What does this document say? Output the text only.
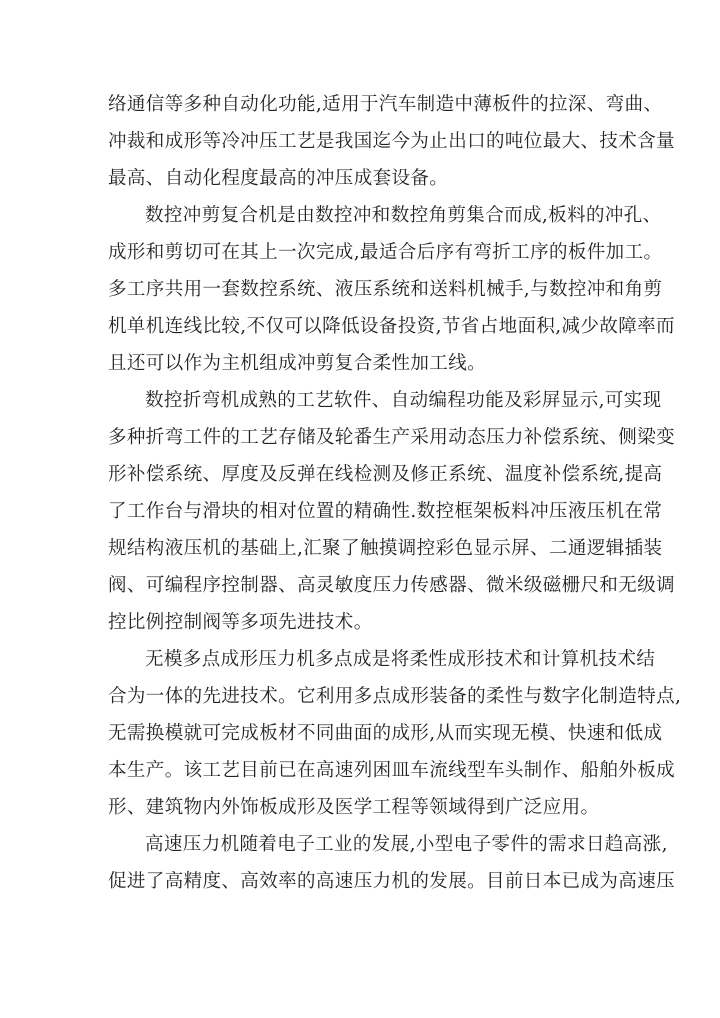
络通信等多种自动化功能,适用于汽车制造中薄板件的拉深、弯曲、
冲裁和成形等冷冲压工艺是我国迄今为止出口的吨位最大、技术含量
最高、自动化程度最高的冲压成套设备。
数控冲剪复合机是由数控冲和数控角剪集合而成,板料的冲孔、
成形和剪切可在其上一次完成,最适合后序有弯折工序的板件加工。
多工序共用一套数控系统、液压系统和送料机械手,与数控冲和角剪
机单机连线比较,不仅可以降低设备投资,节省占地面积,减少故障率而
且还可以作为主机组成冲剪复合柔性加工线。
数控折弯机成熟的工艺软件、自动编程功能及彩屏显示,可实现
多种折弯工件的工艺存储及轮番生产采用动态压力补偿系统、侧梁变
形补偿系统、厚度及反弹在线检测及修正系统、温度补偿系统,提高
了工作台与滑块的相对位置的精确性.数控框架板料冲压液压机在常
规结构液压机的基础上,汇聚了触摸调控彩色显示屏、二通逻辑插装
阀、可编程序控制器、高灵敏度压力传感器、微米级磁栅尺和无级调
控比例控制阀等多项先进技术。
无模多点成形压力机多点成是将柔性成形技术和计算机技术结
合为一体的先进技术。它利用多点成形装备的柔性与数字化制造特点,
无需换模就可完成板材不同曲面的成形,从而实现无模、快速和低成
本生产。该工艺目前已在高速列困皿车流线型车头制作、船舶外板成
形、建筑物内外饰板成形及医学工程等领域得到广泛应用。
高速压力机随着电子工业的发展,小型电子零件的需求日趋高涨,
促进了高精度、高效率的高速压力机的发展。目前日本已成为高速压
